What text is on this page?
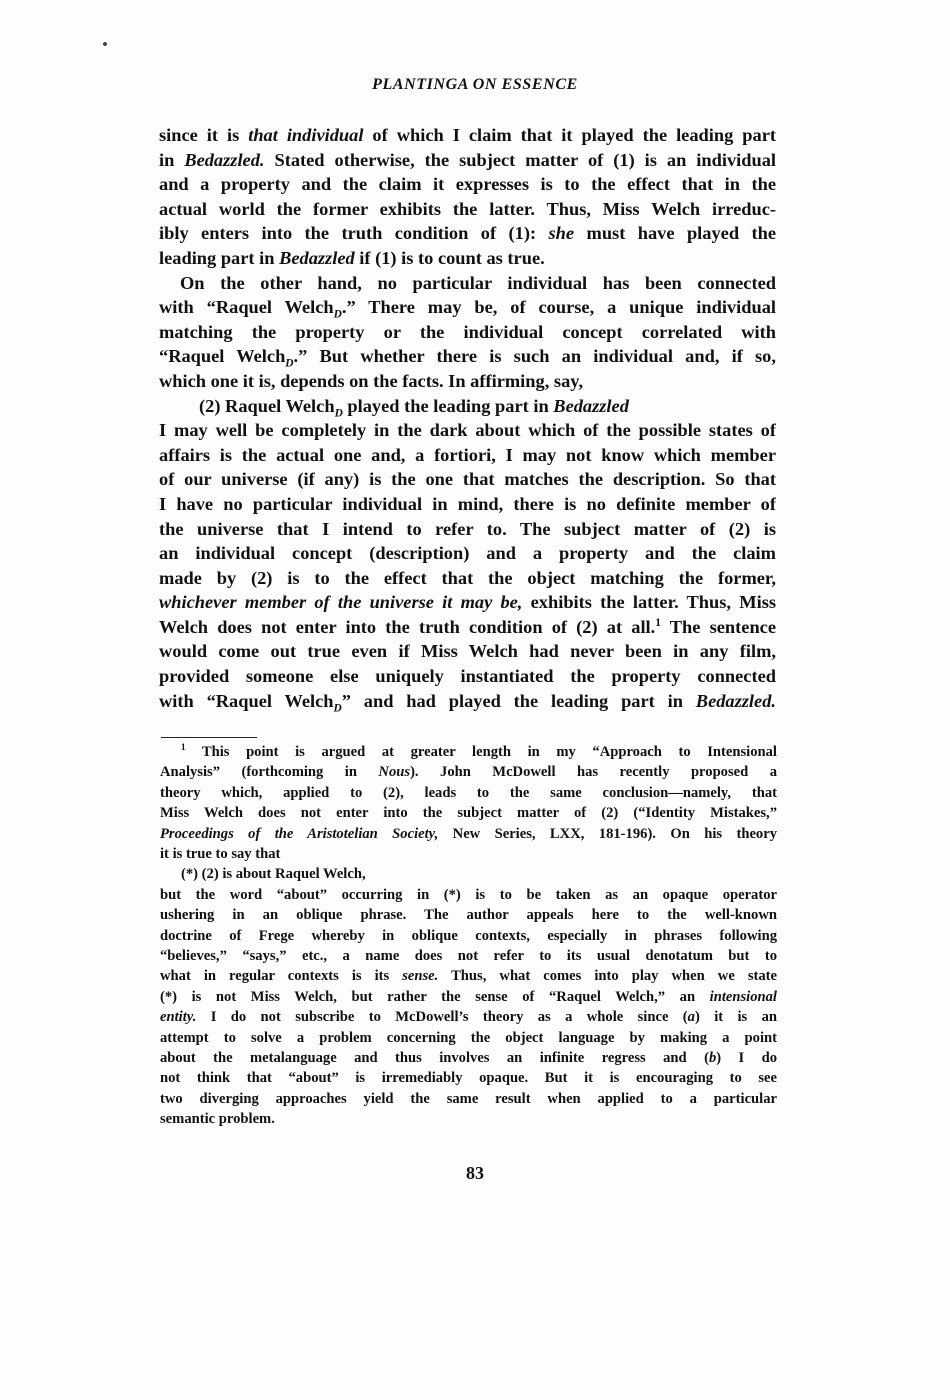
PLANTINGA ON ESSENCE
since it is that individual of which I claim that it played the leading part
in Bedazzled. Stated otherwise, the subject matter of (1) is an individual
and a property and the claim it expresses is to the effect that in the
actual world the former exhibits the latter. Thus, Miss Welch irreduc-
ibly enters into the truth condition of (1): she must have played the
leading part in Bedazzled if (1) is to count as true.
On the other hand, no particular individual has been connected
with “Raquel Welch$_D$.” There may be, of course, a unique individual
matching the property or the individual concept correlated with
“Raquel Welch$_D$.” But whether there is such an individual and, if so,
which one it is, depends on the facts. In affirming, say,
(2) Raquel Welch$_D$ played the leading part in Bedazzled
I may well be completely in the dark about which of the possible states of
affairs is the actual one and, a fortiori, I may not know which member
of our universe (if any) is the one that matches the description. So that
I have no particular individual in mind, there is no definite member of
the universe that I intend to refer to. The subject matter of (2) is
an individual concept (description) and a property and the claim
made by (2) is to the effect that the object matching the former,
whichever member of the universe it may be, exhibits the latter. Thus, Miss
Welch does not enter into the truth condition of (2) at all.$^1$ The sentence
would come out true even if Miss Welch had never been in any film,
provided someone else uniquely instantiated the property connected
with “Raquel Welch$_D$” and had played the leading part in Bedazzled.
$^1$ This point is argued at greater length in my “Approach to Intensional
Analysis” (forthcoming in Nous). John McDowell has recently proposed a
theory which, applied to (2), leads to the same conclusion—namely, that
Miss Welch does not enter into the subject matter of (2) (“Identity Mistakes,”
Proceedings of the Aristotelian Society, New Series, LXX, 181-196). On his theory
it is true to say that
(*) (2) is about Raquel Welch,
but the word “about” occurring in (*) is to be taken as an opaque operator
ushering in an oblique phrase. The author appeals here to the well-known
doctrine of Frege whereby in oblique contexts, especially in phrases following
“believes,” “says,” etc., a name does not refer to its usual denotatum but to
what in regular contexts is its sense. Thus, what comes into play when we state
(*) is not Miss Welch, but rather the sense of “Raquel Welch,” an intensional
entity. I do not subscribe to McDowell’s theory as a whole since (a) it is an
attempt to solve a problem concerning the object language by making a point
about the metalanguage and thus involves an infinite regress and (b) I do
not think that “about” is irremediably opaque. But it is encouraging to see
two diverging approaches yield the same result when applied to a particular
semantic problem.
83
